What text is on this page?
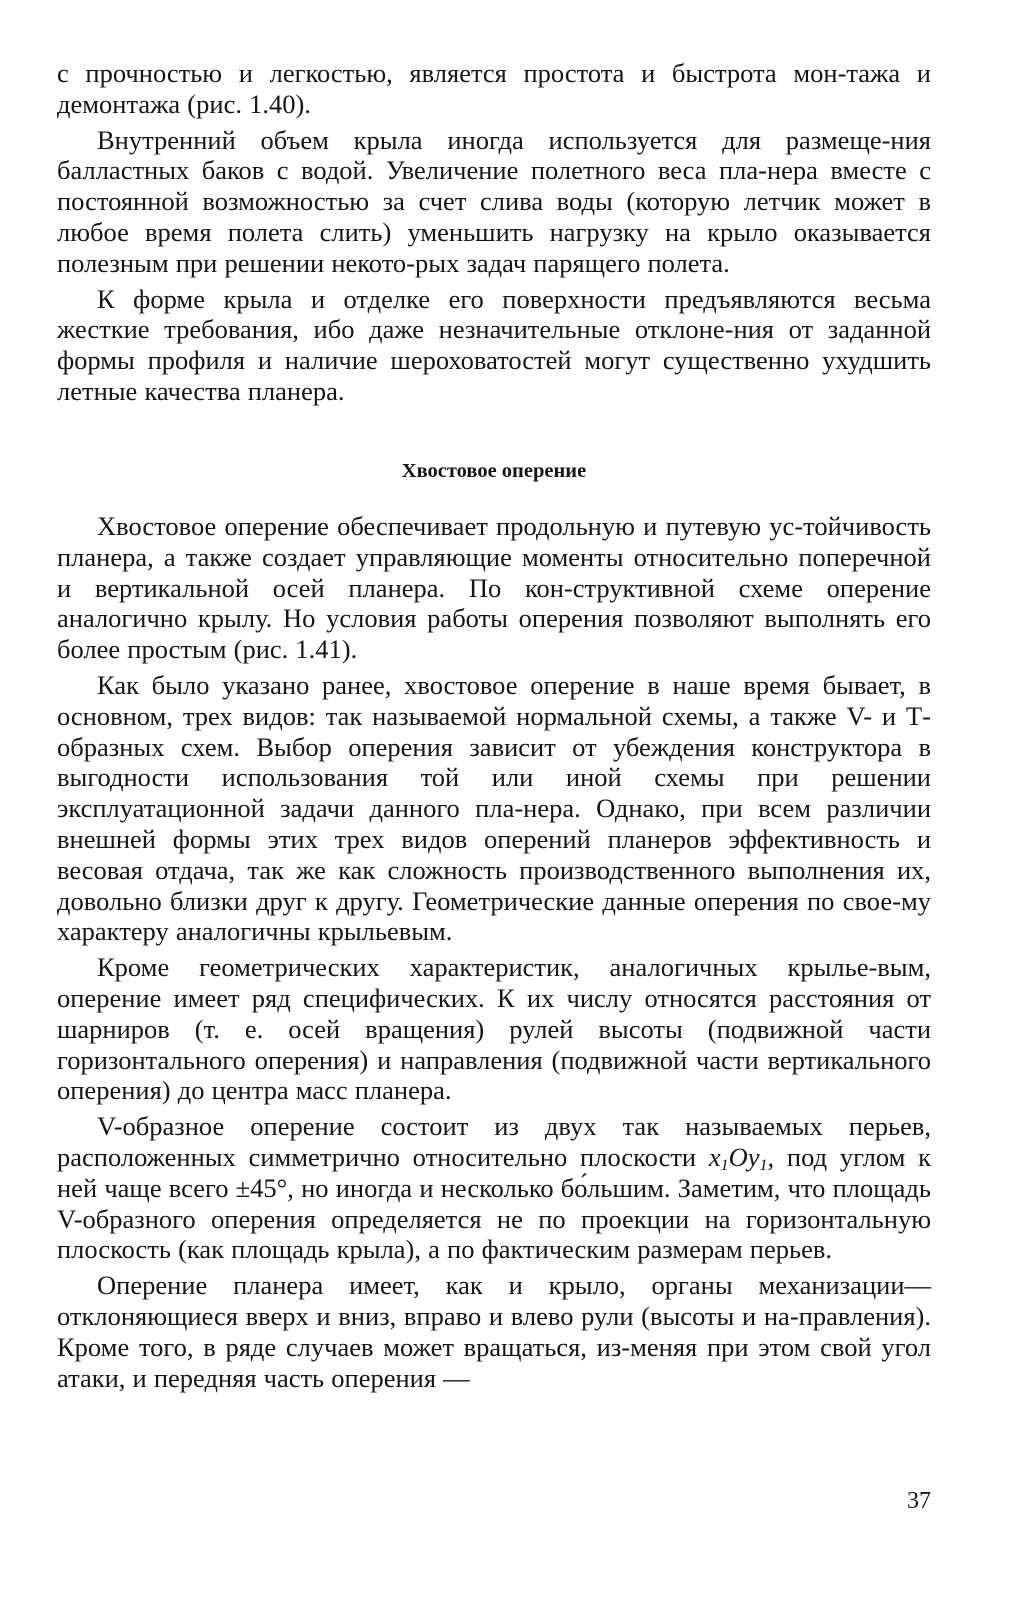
с прочностью и легкостью, является простота и быстрота мон-тажа и демонтажа (рис. 1.40).

Внутренний объем крыла иногда используется для размеще-ния балластных баков с водой. Увеличение полетного веса пла-нера вместе с постоянной возможностью за счет слива воды (которую летчик может в любое время полета слить) уменьшить нагрузку на крыло оказывается полезным при решении некото-рых задач парящего полета.

К форме крыла и отделке его поверхности предъявляются весьма жесткие требования, ибо даже незначительные отклоне-ния от заданной формы профиля и наличие шероховатостей могут существенно ухудшить летные качества планера.

Хвостовое оперение

Хвостовое оперение обеспечивает продольную и путевую ус-тойчивость планера, а также создает управляющие моменты относительно поперечной и вертикальной осей планера. По кон-структивной схеме оперение аналогично крылу. Но условия работы оперения позволяют выполнять его более простым (рис. 1.41).

Как было указано ранее, хвостовое оперение в наше время бывает, в основном, трех видов: так называемой нормальной схемы, а также V- и Т-образных схем. Выбор оперения зависит от убеждения конструктора в выгодности использования той или иной схемы при решении эксплуатационной задачи данного пла-нера. Однако, при всем различии внешней формы этих трех видов оперений планеров эффективность и весовая отдача, так же как сложность производственного выполнения их, довольно близки друг к другу. Геометрические данные оперения по свое-му характеру аналогичны крыльевым.

Кроме геометрических характеристик, аналогичных крылье-вым, оперение имеет ряд специфических. К их числу относятся расстояния от шарниров (т. е. осей вращения) рулей высоты (подвижной части горизонтального оперения) и направления (подвижной части вертикального оперения) до центра масс планера.

V-образное оперение состоит из двух так называемых перьев, расположенных симметрично относительно плоскости $x_1Oy_1$, под углом к ней чаще всего ±45°, но иногда и несколько бо́льшим. Заметим, что площадь V-образного оперения определяется не по проекции на горизонтальную плоскость (как площадь крыла), а по фактическим размерам перьев.

Оперение планера имеет, как и крыло, органы механизации— отклоняющиеся вверх и вниз, вправо и влево рули (высоты и на-правления). Кроме того, в ряде случаев может вращаться, из-меняя при этом свой угол атаки, и передняя часть оперения —

37
